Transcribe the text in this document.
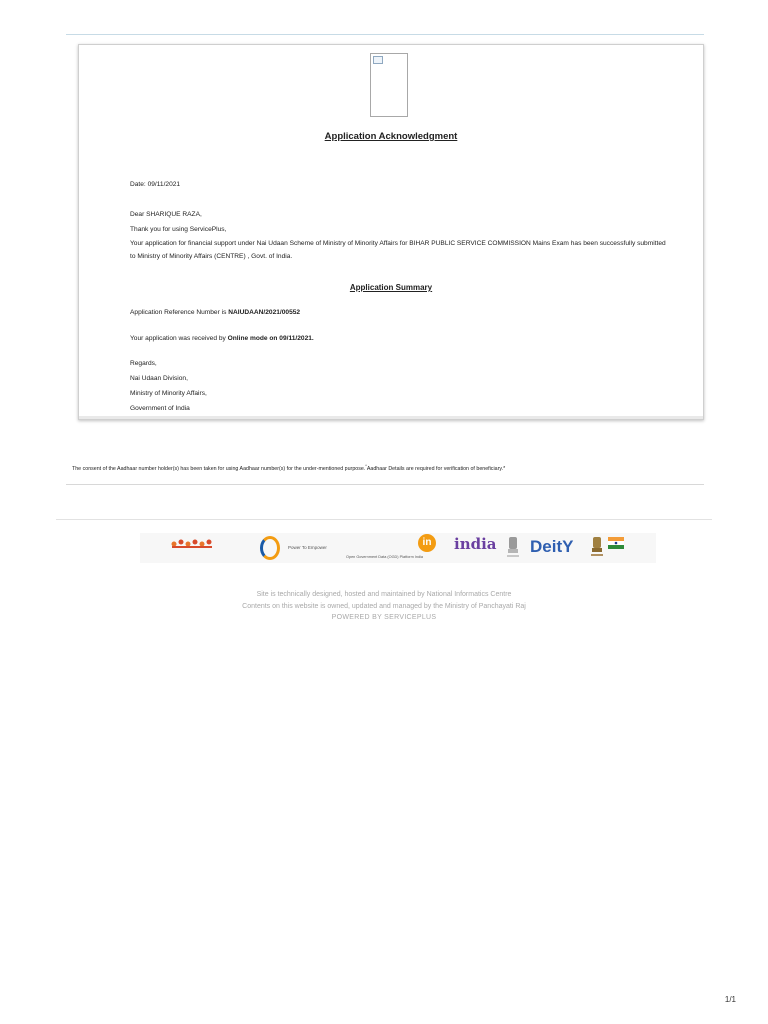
Application Acknowledgment
Date: 09/11/2021
Dear SHARIQUE RAZA,
Thank you for using ServicePlus,
Your application for financial support under Nai Udaan Scheme of Ministry of Minority Affairs for BIHAR PUBLIC SERVICE COMMISSION Mains Exam has been successfully submitted to Ministry of Minority Affairs (CENTRE) , Govt. of India.
Application Summary
Application Reference Number is NAIUDAAN/2021/00552
Your application was received by Online mode on 09/11/2021.
Regards,
Nai Udaan Division,
Ministry of Minority Affairs,
Government of India
The consent of the Aadhaar number holder(s) has been taken for using Aadhaar number(s) for the under-mentioned purpose.*Aadhaar Details are required for verification of beneficiary.*
Power To Empower	in
Open Government Data (OGD) Platform India
india DeitY
Site is technically designed, hosted and maintained by National Informatics Centre
Contents on this website is owned, updated and managed by the Ministry of Panchayati Raj
POWERED BY SERVICEPLUS
1/1
